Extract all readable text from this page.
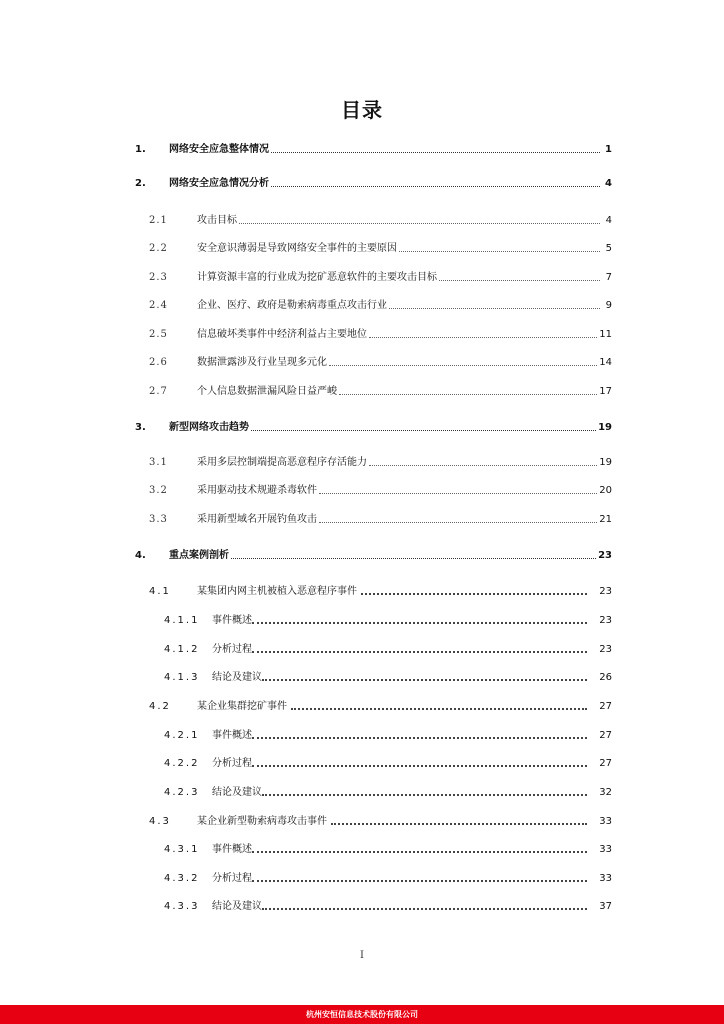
目录
1.	网络安全应急整体情况	1
2.	网络安全应急情况分析	4
2.1	攻击目标	4
2.2	安全意识薄弱是导致网络安全事件的主要原因	5
2.3	计算资源丰富的行业成为挖矿恶意软件的主要攻击目标	7
2.4	企业、医疗、政府是勒索病毒重点攻击行业	9
2.5	信息破坏类事件中经济利益占主要地位	11
2.6	数据泄露涉及行业呈现多元化	14
2.7	个人信息数据泄漏风险日益严峻	17
3.	新型网络攻击趋势	19
3.1	采用多层控制端提高恶意程序存活能力	19
3.2	采用驱动技术规避杀毒软件	20
3.3	采用新型域名开展钓鱼攻击	21
4.	重点案例剖析	23
4.1	某集团内网主机被植入恶意程序事件	23
4.1.1	事件概述	23
4.1.2	分析过程	23
4.1.3	结论及建议	26
4.2	某企业集群挖矿事件	27
4.2.1	事件概述	27
4.2.2	分析过程	27
4.2.3	结论及建议	32
4.3	某企业新型勒索病毒攻击事件	33
4.3.1	事件概述	33
4.3.2	分析过程	33
4.3.3	结论及建议	37
I
杭州安恒信息技术股份有限公司
